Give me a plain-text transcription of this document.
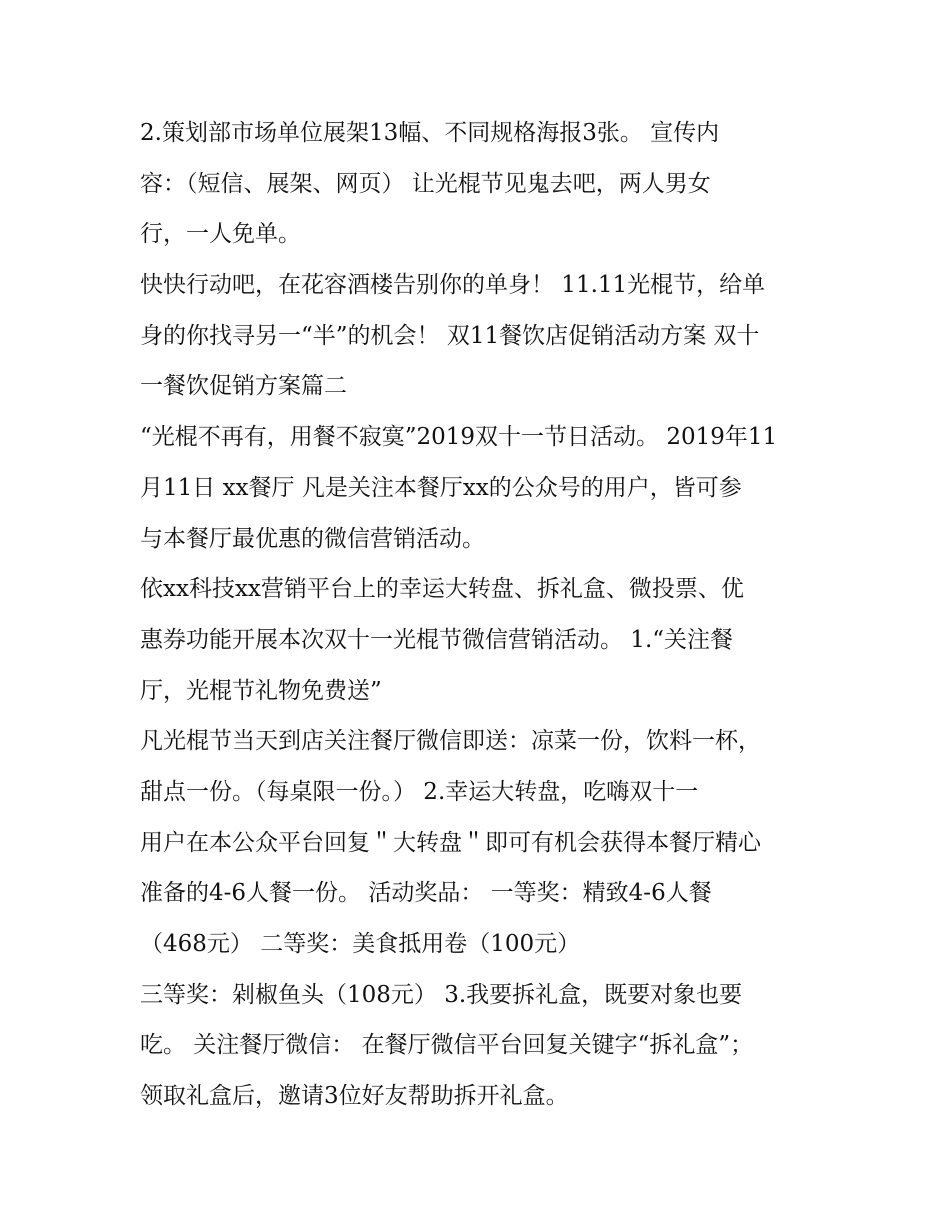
2.策划部市场单位展架13幅、不同规格海报3张。 宣传内
容：（短信、展架、网页） 让光棍节见鬼去吧，两人男女
行，一人免单。
快快行动吧，在花容酒楼告别你的单身！ 11.11光棍节，给单
身的你找寻另一“半”的机会！ 双11餐饮店促销活动方案 双十
一餐饮促销方案篇二
“光棍不再有，用餐不寂寞”2019双十一节日活动。 2019年11
月11日 xx餐厅 凡是关注本餐厅xx的公众号的用户，皆可参
与本餐厅最优惠的微信营销活动。
依xx科技xx营销平台上的幸运大转盘、拆礼盒、微投票、优
惠券功能开展本次双十一光棍节微信营销活动。 1.“关注餐
厅，光棍节礼物免费送”
凡光棍节当天到店关注餐厅微信即送：凉菜一份，饮料一杯，
甜点一份。（每桌限一份。） 2.幸运大转盘，吃嗨双十一
用户在本公众平台回复＂大转盘＂即可有机会获得本餐厅精心
准备的4-6人餐一份。 活动奖品： 一等奖：精致4-6人餐
（468元） 二等奖：美食抵用卷（100元）
三等奖：剁椒鱼头（108元） 3.我要拆礼盒，既要对象也要
吃。 关注餐厅微信： 在餐厅微信平台回复关键字“拆礼盒”；
领取礼盒后，邀请3位好友帮助拆开礼盒。
